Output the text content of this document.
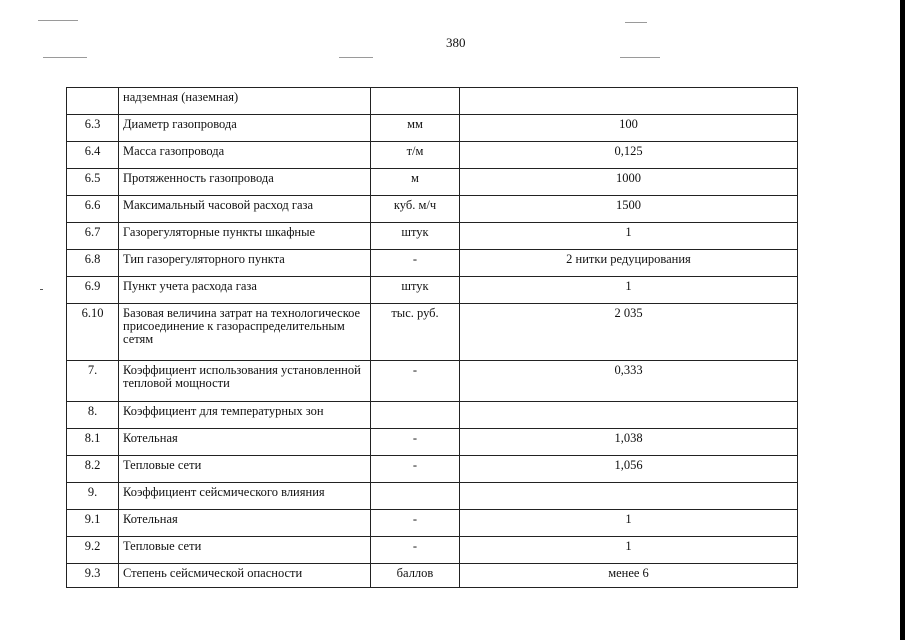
380
	надземная (наземная)		
6.3	Диаметр газопровода	мм	100
6.4	Масса газопровода	т/м	0,125
6.5	Протяженность газопровода	м	1000
6.6	Максимальный часовой расход газа	куб. м/ч	1500
6.7	Газорегуляторные пункты шкафные	штук	1
6.8	Тип газорегуляторного пункта	-	2 нитки редуцирования
6.9	Пункт учета расхода газа	штук	1
6.10	Базовая величина затрат на технологическое присоединение к газораспределительным сетям	тыс. руб.	2 035
7.	Коэффициент использования установленной тепловой мощности	-	0,333
8.	Коэффициент для температурных зон		
8.1	Котельная	-	1,038
8.2	Тепловые сети	-	1,056
9.	Коэффициент сейсмического влияния		
9.1	Котельная	-	1
9.2	Тепловые сети	-	1
9.3	Степень сейсмической опасности	баллов	менее 6
